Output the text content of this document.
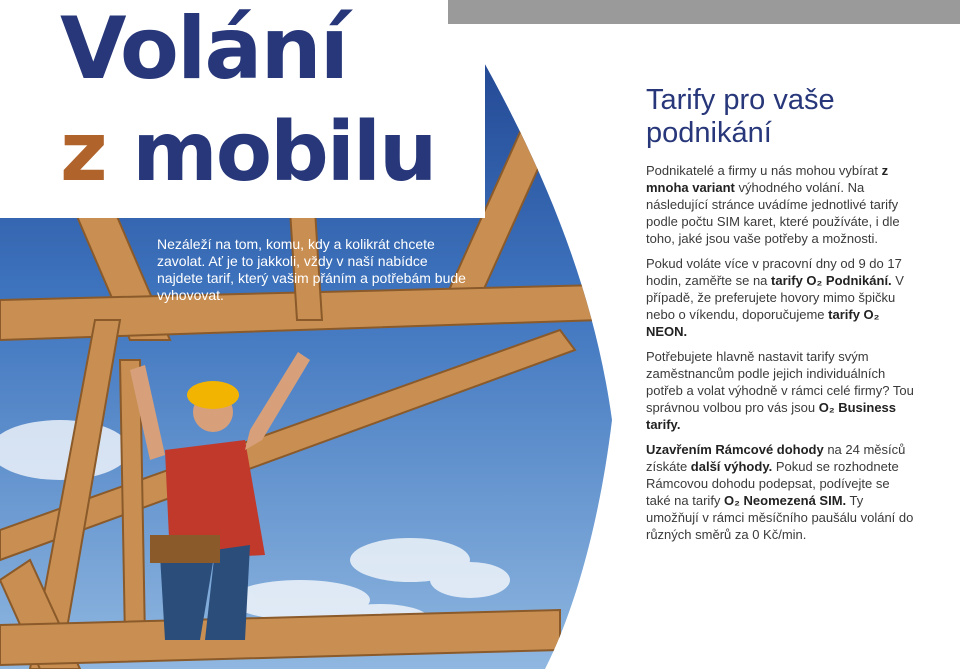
Volání
z mobilu
Nezáleží na tom, komu, kdy a kolikrát chcete zavolat. Ať je to jakkoli, vždy v naší nabídce najdete tarif, který vašim přáním a potřebám bude vyhovovat.
Tarify pro vaše podnikání

Podnikatelé a firmy u nás mohou vybírat z mnoha variant výhodného volání. Na následující stránce uvádíme jednotlivé tarify podle počtu SIM karet, které používáte, i dle toho, jaké jsou vaše potřeby a možnosti.

Pokud voláte více v pracovní dny od 9 do 17 hodin, zaměřte se na tarify O₂ Podnikání. V případě, že preferujete hovory mimo špičku nebo o víkendu, doporučujeme tarify O₂ NEON.

Potřebujete hlavně nastavit tarify svým zaměstnancům podle jejich individuálních potřeb a volat výhodně v rámci celé firmy? Tou správnou volbou pro vás jsou O₂ Business tarify.

Uzavřením Rámcové dohody na 24 měsíců získáte další výhody. Pokud se rozhodnete Rámcovou dohodu podepsat, podívejte se také na tarify O₂ Neomezená SIM. Ty umožňují v rámci měsíčního paušálu volání do různých směrů za 0 Kč/min.
